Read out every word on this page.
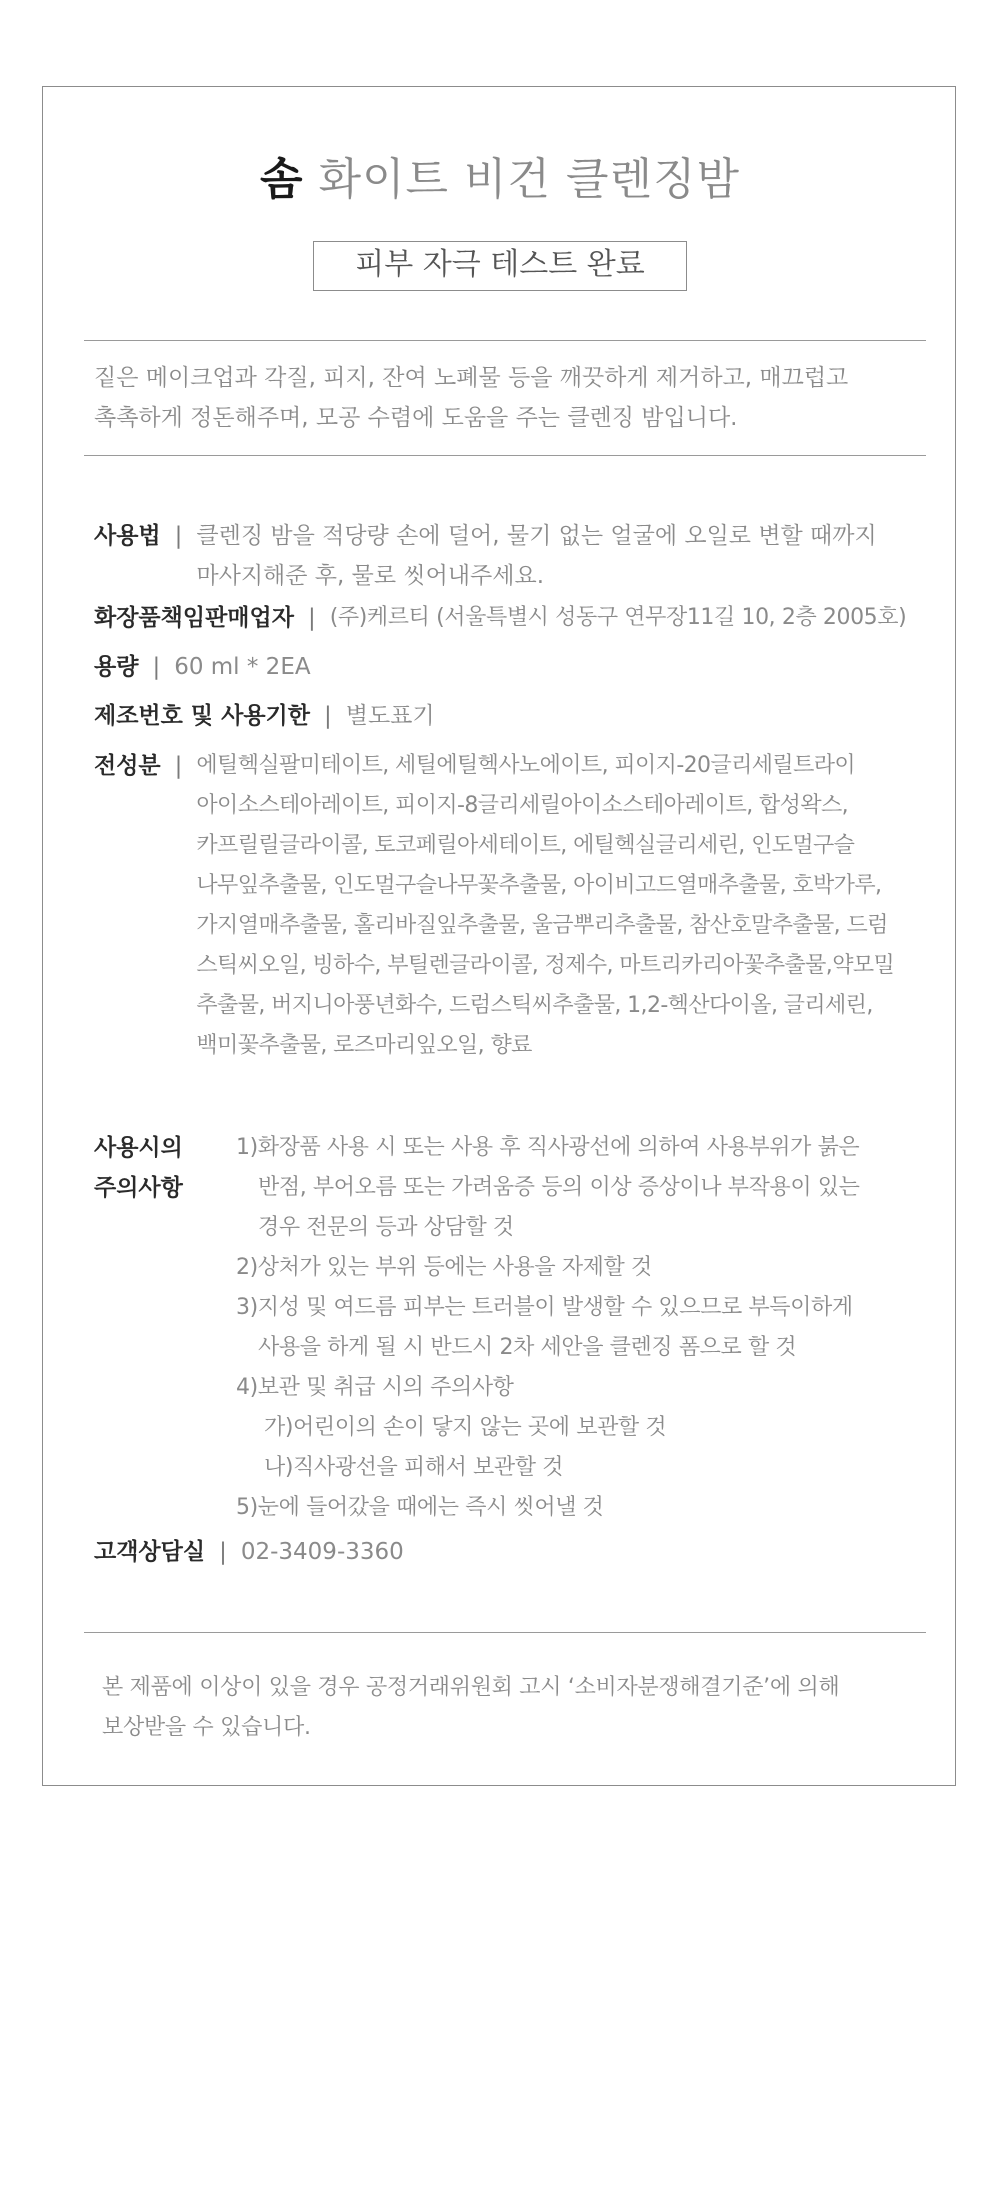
솜 화이트 비건 클렌징밤
피부 자극 테스트 완료
짙은 메이크업과 각질, 피지, 잔여 노폐물 등을 깨끗하게 제거하고, 매끄럽고
촉촉하게 정돈해주며, 모공 수렴에 도움을 주는 클렌징 밤입니다.
사용법 | 클렌징 밤을 적당량 손에 덜어, 물기 없는 얼굴에 오일로 변할 때까지
마사지해준 후, 물로 씻어내주세요.
화장품책임판매업자 | (주)케르티 (서울특별시 성동구 연무장11길 10, 2층 2005호)
용량 | 60 ml * 2EA
제조번호 및 사용기한 | 별도표기
전성분 | 에틸헥실팔미테이트, 세틸에틸헥사노에이트, 피이지-20글리세릴트라이
아이소스테아레이트, 피이지-8글리세릴아이소스테아레이트, 합성왁스,
카프릴릴글라이콜, 토코페릴아세테이트, 에틸헥실글리세린, 인도멀구슬
나무잎추출물, 인도멀구슬나무꽃추출물, 아이비고드열매추출물, 호박가루,
가지열매추출물, 홀리바질잎추출물, 울금뿌리추출물, 참산호말추출물, 드럼
스틱씨오일, 빙하수, 부틸렌글라이콜, 정제수, 마트리카리아꽃추출물,약모밀
추출물, 버지니아풍년화수, 드럼스틱씨추출물, 1,2-헥산다이올, 글리세린,
백미꽃추출물, 로즈마리잎오일, 향료
사용시의
주의사항
1)화장품 사용 시 또는 사용 후 직사광선에 의하여 사용부위가 붉은
반점, 부어오름 또는 가려움증 등의 이상 증상이나 부작용이 있는
경우 전문의 등과 상담할 것
2)상처가 있는 부위 등에는 사용을 자제할 것
3)지성 및 여드름 피부는 트러블이 발생할 수 있으므로 부득이하게
사용을 하게 될 시 반드시 2차 세안을 클렌징 폼으로 할 것
4)보관 및 취급 시의 주의사항
가)어린이의 손이 닿지 않는 곳에 보관할 것
나)직사광선을 피해서 보관할 것
5)눈에 들어갔을 때에는 즉시 씻어낼 것
고객상담실 | 02-3409-3360
본 제품에 이상이 있을 경우 공정거래위원회 고시 ‘소비자분쟁해결기준’에 의해
보상받을 수 있습니다.
